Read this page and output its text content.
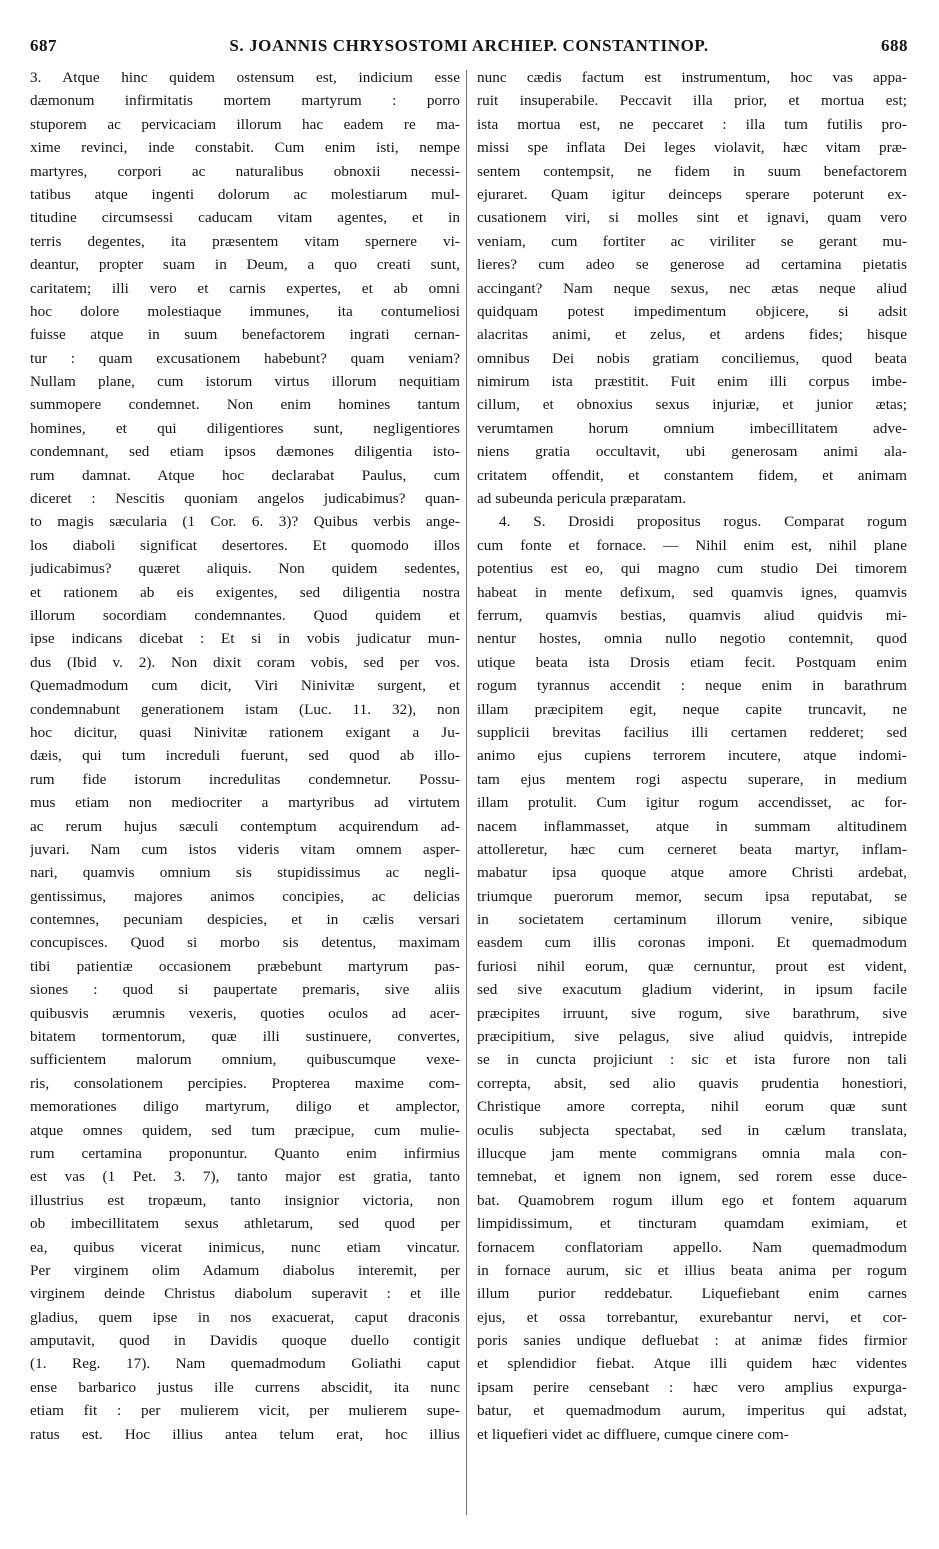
687	S. JOANNIS CHRYSOSTOMI ARCHIEP. CONSTANTINOP.	688
3. Atque hinc quidem ostensum est, indicium esse
dæmonum infirmitatis mortem martyrum : porro
stuporem ac pervicaciam illorum hac eadem re ma-
xime revinci, inde constabit. Cum enim isti, nempe
martyres, corpori ac naturalibus obnoxii necessi-
tatibus atque ingenti dolorum ac molestiarum mul-
titudine circumsessi caducam vitam agentes, et in
terris degentes, ita præsentem vitam spernere vi-
deantur, propter suam in Deum, a quo creati sunt,
caritatem; illi vero et carnis expertes, et ab omni
hoc dolore molestiaque immunes, ita contumeliosi
fuisse atque in suum benefactorem ingrati cernan-
tur : quam excusationem habebunt? quam veniam?
Nullam plane, cum istorum virtus illorum nequitiam
summopere condemnet. Non enim homines tantum
homines, et qui diligentiores sunt, negligentiores
condemnant, sed etiam ipsos dæmones diligentia isto-
rum damnat. Atque hoc declarabat Paulus, cum
diceret : Nescitis quoniam angelos judicabimus? quan-
to magis sæcularia (1 Cor. 6. 3)? Quibus verbis ange-
los diaboli significat desertores. Et quomodo illos
judicabimus? quæret aliquis. Non quidem sedentes,
et rationem ab eis exigentes, sed diligentia nostra
illorum socordiam condemnantes. Quod quidem et
ipse indicans dicebat : Et si in vobis judicatur mun-
dus (Ibid v. 2). Non dixit coram vobis, sed per vos.
Quemadmodum cum dicit, Viri Ninivitæ surgent, et
condemnabunt generationem istam (Luc. 11. 32), non
hoc dicitur, quasi Ninivitæ rationem exigant a Ju-
dæis, qui tum increduli fuerunt, sed quod ab illo-
rum fide istorum incredulitas condemnetur. Possu-
mus etiam non mediocriter a martyribus ad virtutem
ac rerum hujus sæculi contemptum acquirendum ad-
juvari. Nam cum istos videris vitam omnem asper-
nari, quamvis omnium sis stupidissimus ac negli-
gentissimus, majores animos concipies, ac delicias
contemnes, pecuniam despicies, et in cælis versari
concupisces. Quod si morbo sis detentus, maximam
tibi patientiæ occasionem præbebunt martyrum pas-
siones : quod si paupertate premaris, sive aliis
quibusvis ærumnis vexeris, quoties oculos ad acer-
bitatem tormentorum, quæ illi sustinuere, convertes,
sufficientem malorum omnium, quibuscumque vexe-
ris, consolationem percipies. Propterea maxime com-
memorationes diligo martyrum, diligo et amplector,
atque omnes quidem, sed tum præcipue, cum mulie-
rum certamina proponuntur. Quanto enim infirmius
est vas (1 Pet. 3. 7), tanto major est gratia, tanto
illustrius est tropæum, tanto insignior victoria, non
ob imbecillitatem sexus athletarum, sed quod per
ea, quibus vicerat inimicus, nunc etiam vincatur.
Per virginem olim Adamum diabolus interemit, per
virginem deinde Christus diabolum superavit : et ille
gladius, quem ipse in nos exacuerat, caput draconis
amputavit, quod in Davidis quoque duello contigit
(1. Reg. 17). Nam quemadmodum Goliathi caput
ense barbarico justus ille currens abscidit, ita nunc
etiam fit : per mulierem vicit, per mulierem supe-
ratus est. Hoc illius antea telum erat, hoc illius
nunc cædis factum est instrumentum, hoc vas appa-
ruit insuperabile. Peccavit illa prior, et mortua est;
ista mortua est, ne peccaret : illa tum futilis pro-
missi spe inflata Dei leges violavit, hæc vitam præ-
sentem contempsit, ne fidem in suum benefactorem
ejuraret. Quam igitur deinceps sperare poterunt ex-
cusationem viri, si molles sint et ignavi, quam vero
veniam, cum fortiter ac viriliter se gerant mu-
lieres? cum adeo se generose ad certamina pietatis
accingant? Nam neque sexus, nec ætas neque aliud
quidquam potest impedimentum objicere, si adsit
alacritas animi, et zelus, et ardens fides; hisque
omnibus Dei nobis gratiam conciliemus, quod beata
nimirum ista præstitit. Fuit enim illi corpus imbe-
cillum, et obnoxius sexus injuriæ, et junior ætas;
verumtamen horum omnium imbecillitatem adve-
niens gratia occultavit, ubi generosam animi ala-
critatem offendit, et constantem fidem, et animam
ad subeunda pericula præparatam.
4. S. Drosidi propositus rogus. Comparat rogum
cum fonte et fornace. — Nihil enim est, nihil plane
potentius est eo, qui magno cum studio Dei timorem
habeat in mente defixum, sed quamvis ignes, quamvis
ferrum, quamvis bestias, quamvis aliud quidvis mi-
nentur hostes, omnia nullo negotio contemnit, quod
utique beata ista Drosis etiam fecit. Postquam enim
rogum tyrannus accendit : neque enim in barathrum
illam præcipitem egit, neque capite truncavit, ne
supplicii brevitas facilius illi certamen redderet; sed
animo ejus cupiens terrorem incutere, atque indomi-
tam ejus mentem rogi aspectu superare, in medium
illam protulit. Cum igitur rogum accendisset, ac for-
nacem inflammasset, atque in summam altitudinem
attolleretur, hæc cum cerneret beata martyr, inflam-
mabatur ipsa quoque atque amore Christi ardebat,
triumque puerorum memor, secum ipsa reputabat, se
in societatem certaminum illorum venire, sibique
easdem cum illis coronas imponi. Et quemadmodum
furiosi nihil eorum, quæ cernuntur, prout est vident,
sed sive exacutum gladium viderint, in ipsum facile
præcipites irruunt, sive rogum, sive barathrum, sive
præcipitium, sive pelagus, sive aliud quidvis, intrepide
se in cuncta projiciunt : sic et ista furore non tali
correpta, absit, sed alio quavis prudentia honestiori,
Christique amore correpta, nihil eorum quæ sunt
oculis subjecta spectabat, sed in cælum translata,
illucque jam mente commigrans omnia mala con-
temnebat, et ignem non ignem, sed rorem esse duce-
bat. Quamobrem rogum illum ego et fontem aquarum
limpidissimum, et tincturam quamdam eximiam, et
fornacem conflatoriam appello. Nam quemadmodum
in fornace aurum, sic et illius beata anima per rogum
illum purior reddebatur. Liquefiebant enim carnes
ejus, et ossa torrebantur, exurebantur nervi, et cor-
poris sanies undique defluebat : at animæ fides firmior
et splendidior fiebat. Atque illi quidem hæc videntes
ipsam perire censebant : hæc vero amplius expurga-
batur, et quemadmodum aurum, imperitus qui adstat,
et liquefieri videt ac diffluere, cumque cinere com-
